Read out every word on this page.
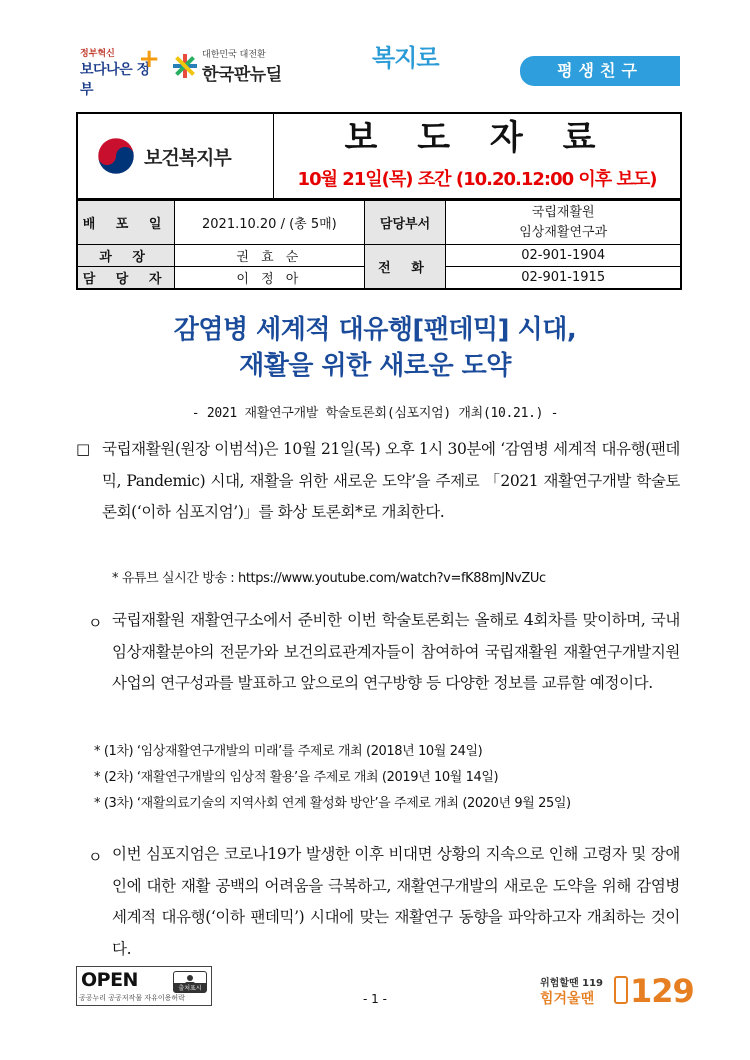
정부혁신
보다나은 정부
+	대한민국 대전환
한국판뉴딜
복지로	평생친구
보건복지부	보 도 자 료
10월 21일(목) 조간 (10.20.12:00 이후 보도)
배 포 일	2021.10.20 / (총 5매)	담당부서	국립재활원
임상재활연구과

과 장	권 효 순	전 화	02-901-1904
담 당 자	이 정 아		02-901-1915
감염병 세계적 대유행[팬데믹] 시대,
재활을 위한 새로운 도약
- 2021 재활연구개발 학술토론회(심포지엄) 개최(10.21.) -
□ 국립재활원(원장 이범석)은 10월 21일(목) 오후 1시 30분에 ‘감염병 세계적 대유행(팬데믹, Pandemic) 시대, 재활을 위한 새로운 도약’을 주제로 「2021 재활연구개발 학술토론회(‘이하 심포지엄’)」를 화상 토론회*로 개최한다.
* 유튜브 실시간 방송 : https://www.youtube.com/watch?v=fK88mJNvZUc
ㅇ 국립재활원 재활연구소에서 준비한 이번 학술토론회는 올해로 4회차를 맞이하며, 국내 임상재활분야의 전문가와 보건의료관계자들이 참여하여 국립재활원 재활연구개발지원사업의 연구성과를 발표하고 앞으로의 연구방향 등 다양한 정보를 교류할 예정이다.
* (1차) ‘임상재활연구개발의 미래’를 주제로 개최 (2018년 10월 24일)
* (2차) ‘재활연구개발의 임상적 활용’을 주제로 개최 (2019년 10월 14일)
* (3차) ‘재활의료기술의 지역사회 연계 활성화 방안’을 주제로 개최 (2020년 9월 25일)
ㅇ 이번 심포지엄은 코로나19가 발생한 이후 비대면 상황의 지속으로 인해 고령자 및 장애인에 대한 재활 공백의 어려움을 극복하고, 재활연구개발의 새로운 도약을 위해 감염병 세계적 대유행(‘이하 팬데믹’) 시대에 맞는 재활연구 동향을 파악하고자 개최하는 것이다.
OPEN	출처표시
공공누리 공공저작물 자유이용허락	- 1 -
위험할땐 119
힘겨울땐 129
